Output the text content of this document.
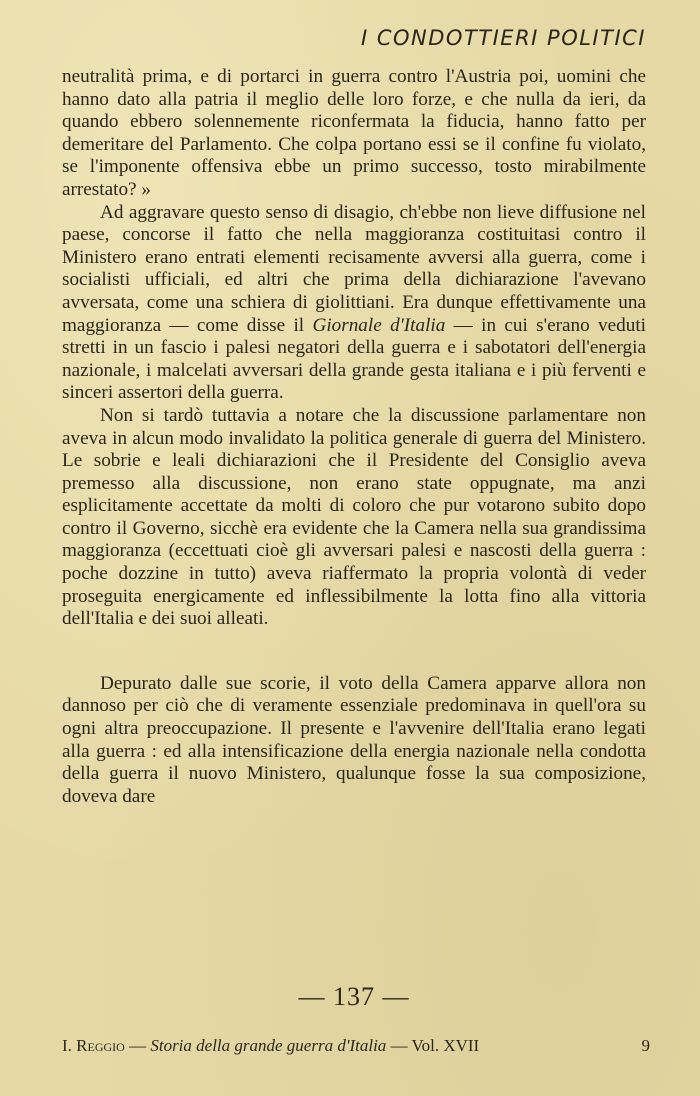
I CONDOTTIERI POLITICI

neutralità prima, e di portarci in guerra contro l'Austria poi, uomini che hanno dato alla patria il meglio delle loro forze, e che nulla da ieri, da quando ebbero solennemente riconfermata la fiducia, hanno fatto per demeritare del Parlamento. Che colpa portano essi se il confine fu violato, se l'imponente offensiva ebbe un primo successo, tosto mirabilmente arrestato? »

Ad aggravare questo senso di disagio, ch'ebbe non lieve diffusione nel paese, concorse il fatto che nella maggioranza costituitasi contro il Ministero erano entrati elementi recisamente avversi alla guerra, come i socialisti ufficiali, ed altri che prima della dichiarazione l'avevano avversata, come una schiera di giolittiani. Era dunque effettivamente una maggioranza — come disse il Giornale d'Italia — in cui s'erano veduti stretti in un fascio i palesi negatori della guerra e i sabotatori dell'energia nazionale, i malcelati avversari della grande gesta italiana e i più ferventi e sinceri assertori della guerra.

Non si tardò tuttavia a notare che la discussione parlamentare non aveva in alcun modo invalidato la politica generale di guerra del Ministero. Le sobrie e leali dichiarazioni che il Presidente del Consiglio aveva premesso alla discussione, non erano state oppugnate, ma anzi esplicitamente accettate da molti di coloro che pur votarono subito dopo contro il Governo, sicchè era evidente che la Camera nella sua grandissima maggioranza (eccettuati cioè gli avversari palesi e nascosti della guerra : poche dozzine in tutto) aveva riaffermato la propria volontà di veder proseguita energicamente ed inflessibilmente la lotta fino alla vittoria dell'Italia e dei suoi alleati.

Depurato dalle sue scorie, il voto della Camera apparve allora non dannoso per ciò che di veramente essenziale predominava in quell'ora su ogni altra preoccupazione. Il presente e l'avvenire dell'Italia erano legati alla guerra : ed alla intensificazione della energia nazionale nella condotta della guerra il nuovo Ministero, qualunque fosse la sua composizione, doveva dare

— 137 —
I. Reggio — Storia della grande guerra d'Italia — Vol. XVII	9
